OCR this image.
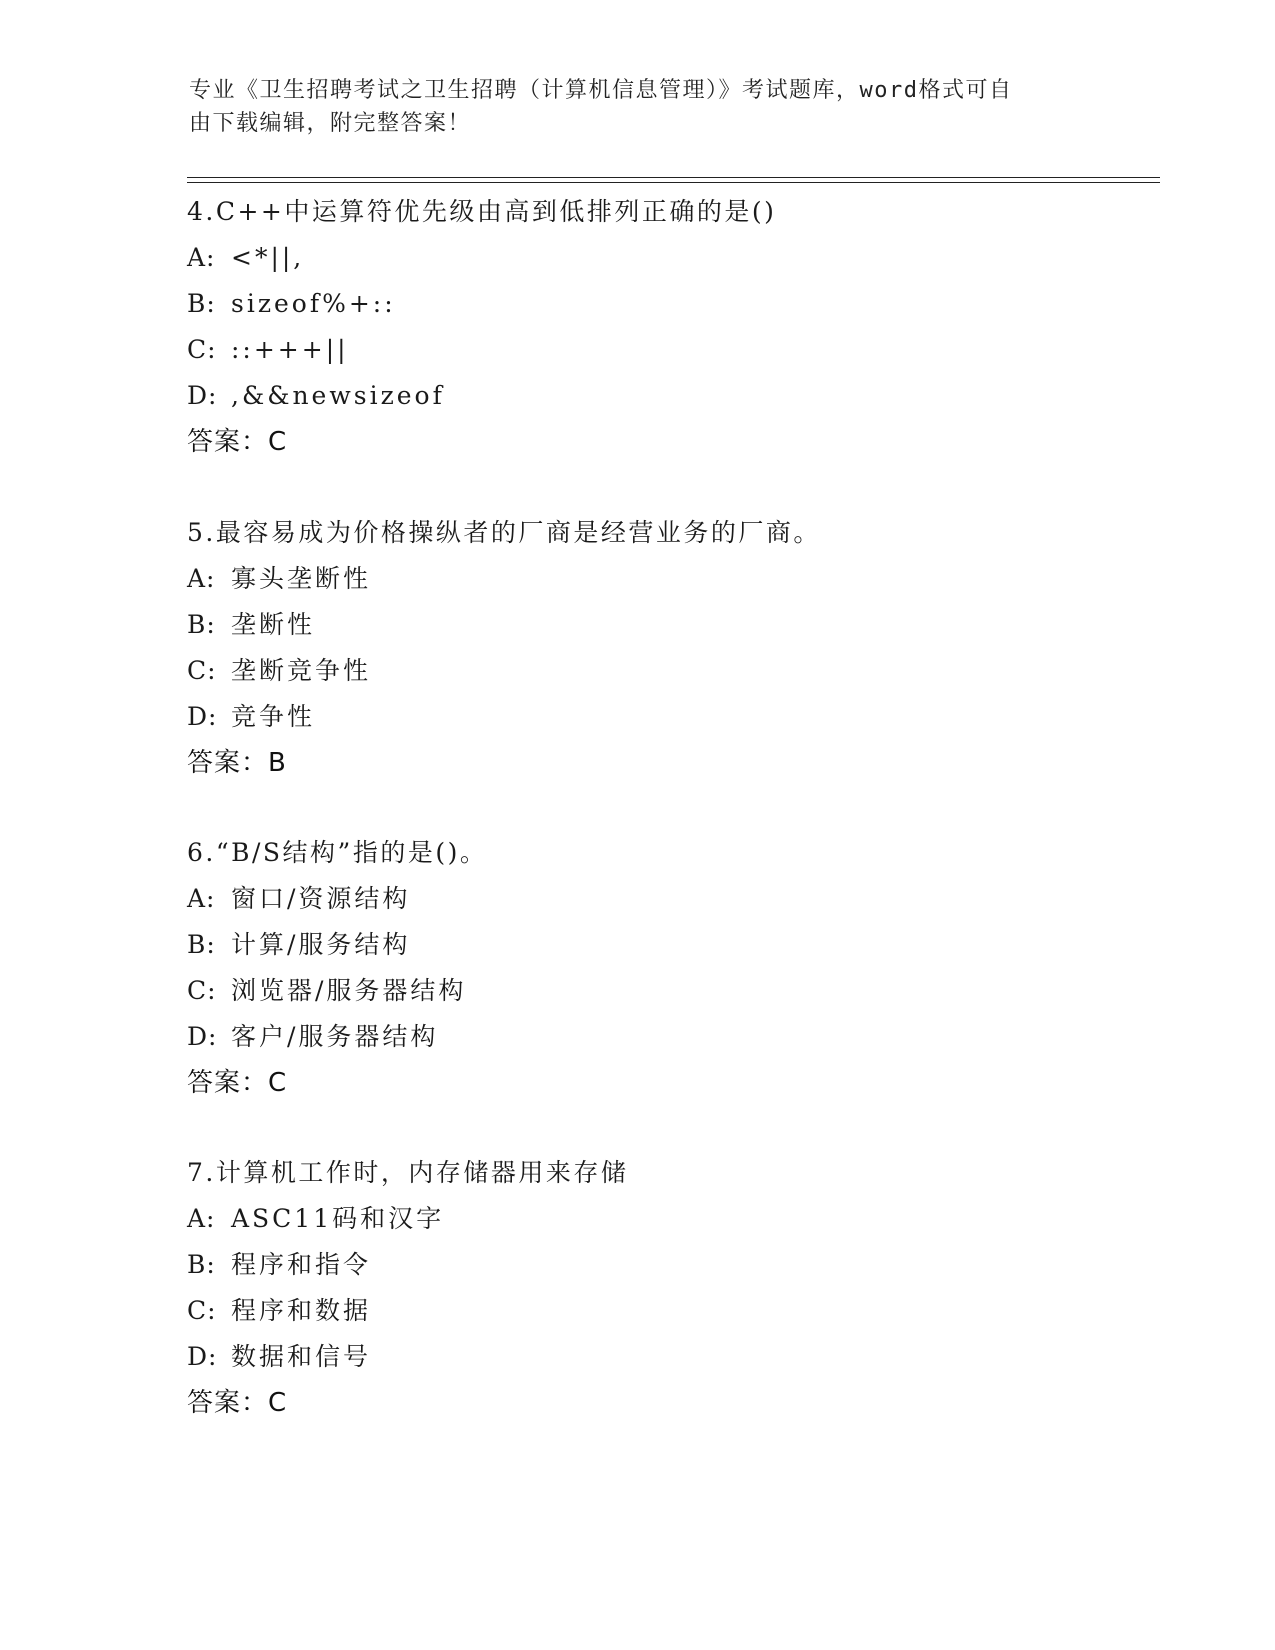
专业《卫生招聘考试之卫生招聘（计算机信息管理）》考试题库，word格式可自
由下载编辑，附完整答案！
4.C++中运算符优先级由高到低排列正确的是()
A: <*||,
B: sizeof%+::
C: ::+++||
D: ,&&newsizeof
答案：C
5.最容易成为价格操纵者的厂商是经营业务的厂商。
A: 寡头垄断性
B: 垄断性
C: 垄断竞争性
D: 竞争性
答案：B
6.“B/S结构”指的是()。
A: 窗口/资源结构
B: 计算/服务结构
C: 浏览器/服务器结构
D: 客户/服务器结构
答案：C
7.计算机工作时，内存储器用来存储
A: ASC11码和汉字
B: 程序和指令
C: 程序和数据
D: 数据和信号
答案：C
